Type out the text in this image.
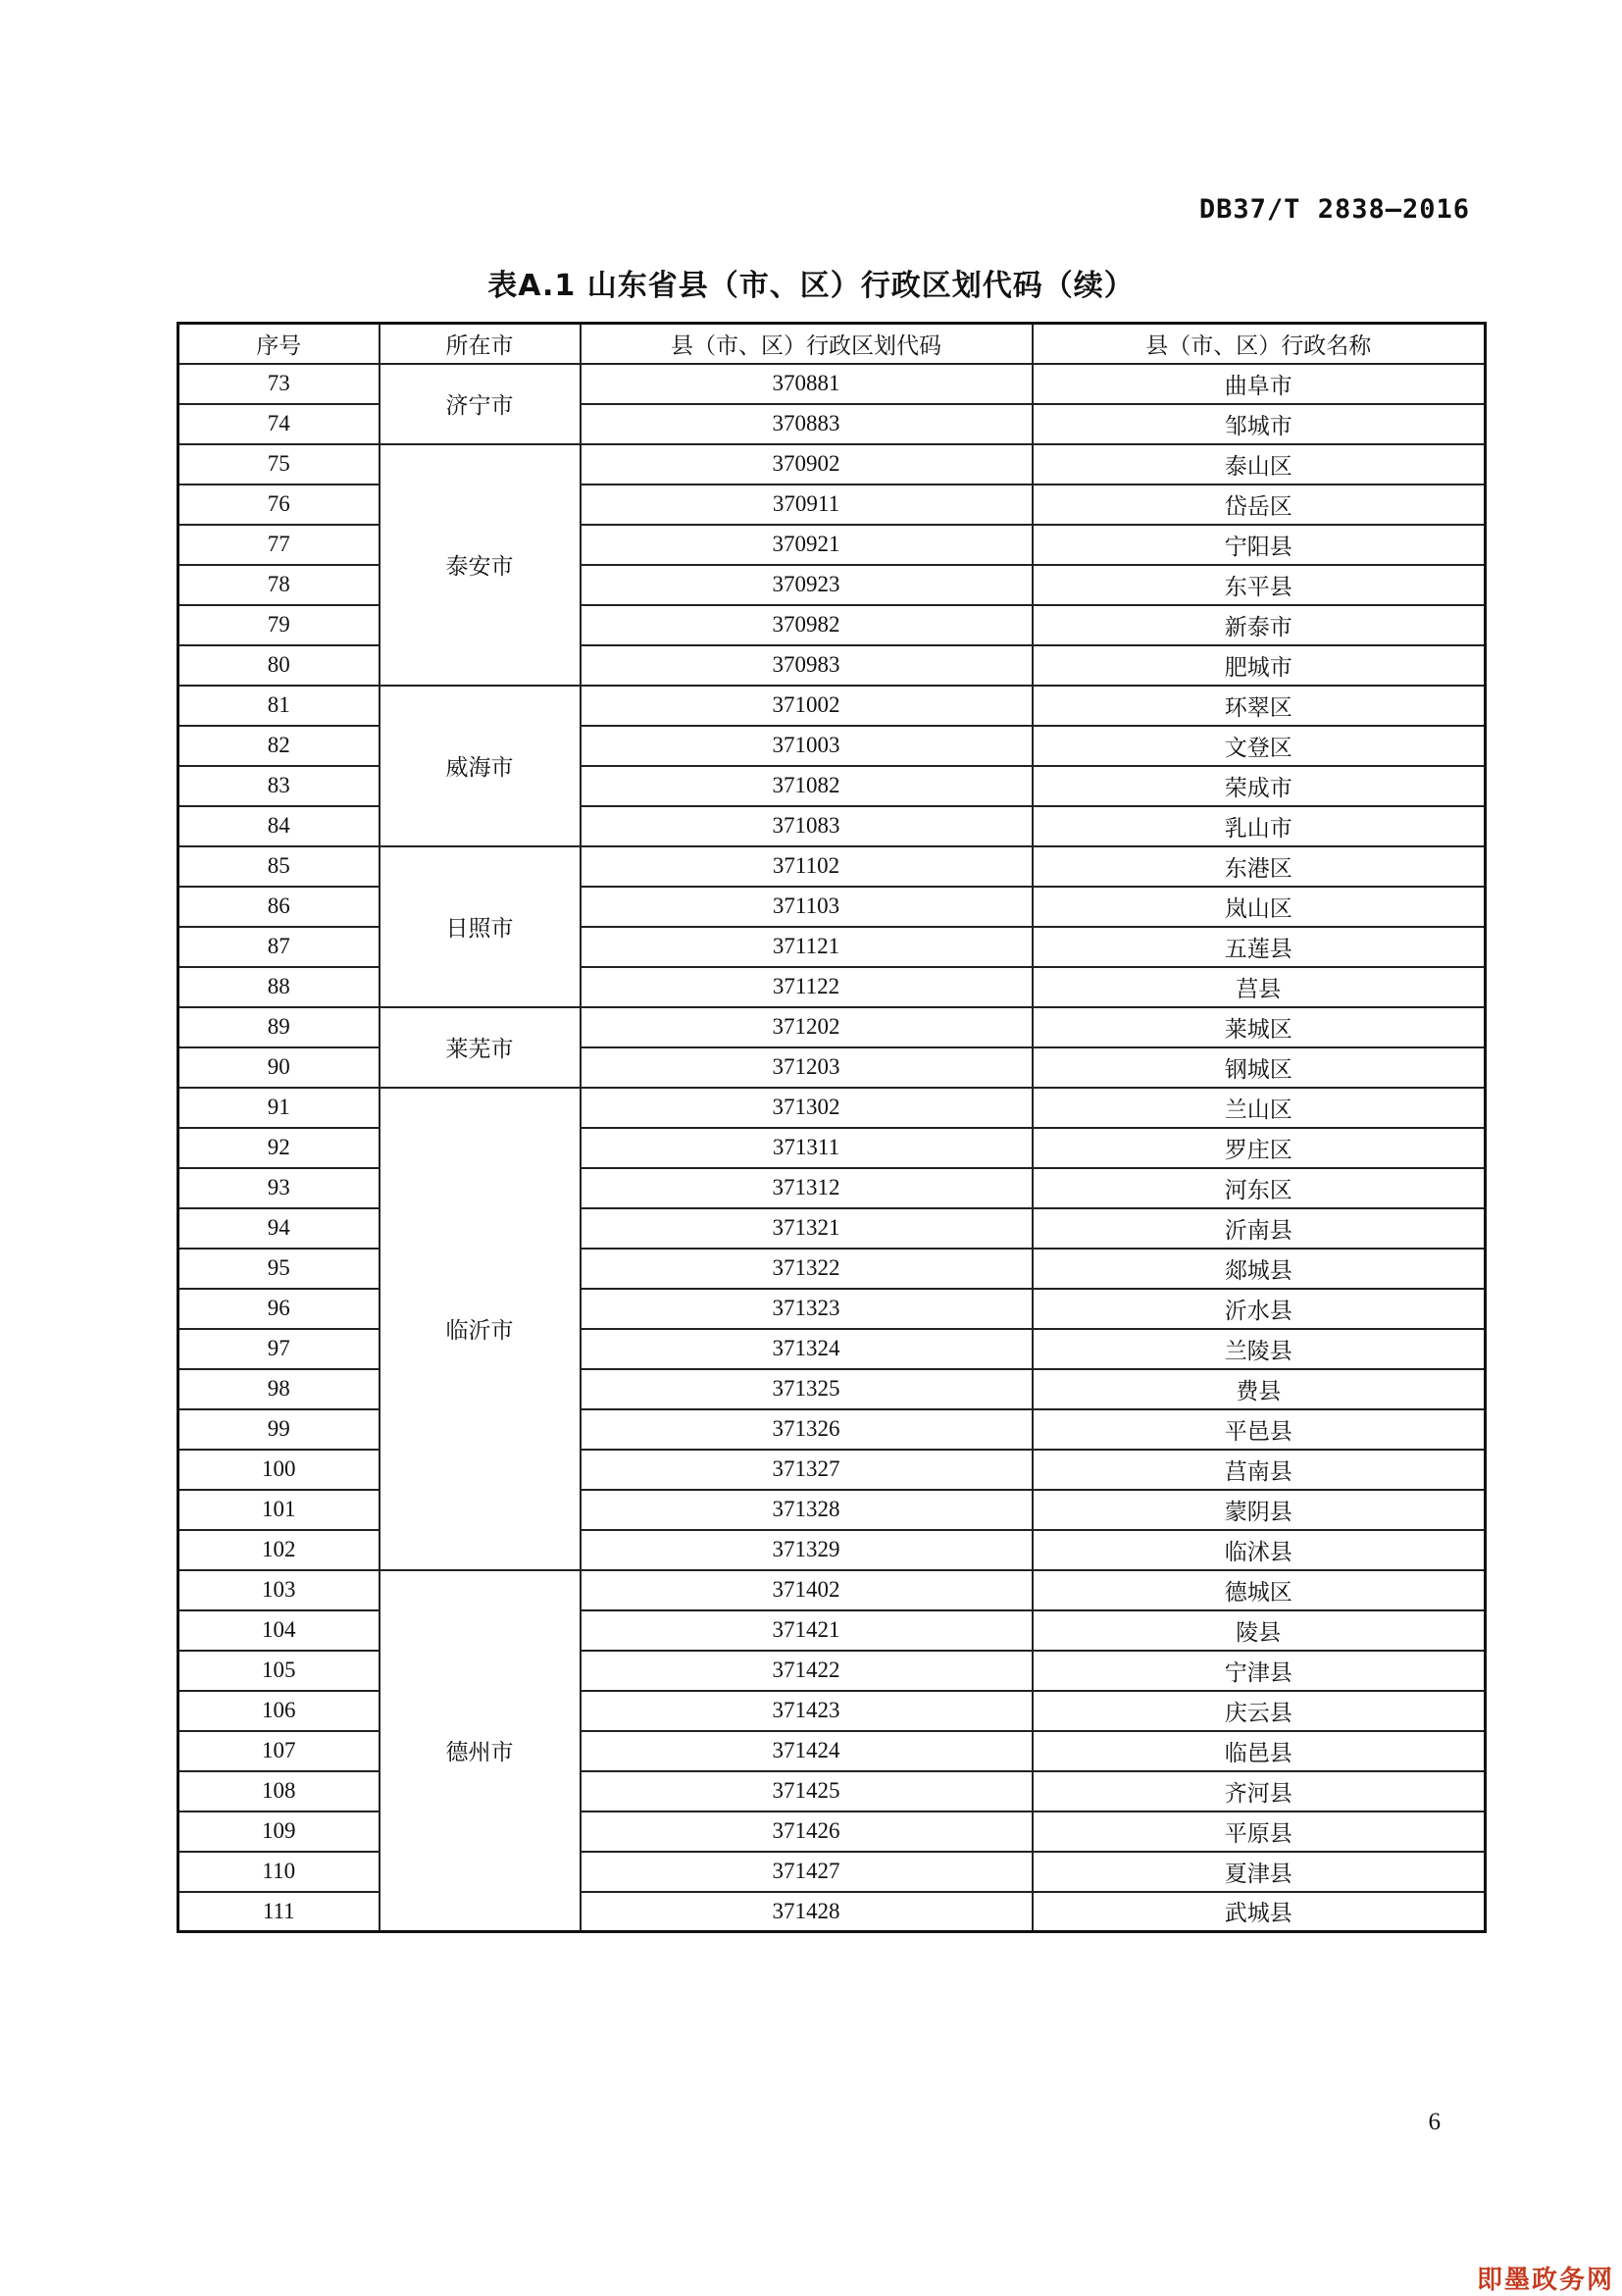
DB37/T 2838—2016
表A.1 山东省县（市、区）行政区划代码（续）
序号	所在市	县（市、区）行政区划代码	县（市、区）行政名称
73	济宁市	370881	曲阜市
74		370883	邹城市
75	泰安市	370902	泰山区
76		370911	岱岳区
77		370921	宁阳县
78		370923	东平县
79		370982	新泰市
80		370983	肥城市
81	威海市	371002	环翠区
82		371003	文登区
83		371082	荣成市
84		371083	乳山市
85	日照市	371102	东港区
86		371103	岚山区
87		371121	五莲县
88		371122	莒县
89	莱芜市	371202	莱城区
90		371203	钢城区
91	临沂市	371302	兰山区
92		371311	罗庄区
93		371312	河东区
94		371321	沂南县
95		371322	郯城县
96		371323	沂水县
97		371324	兰陵县
98		371325	费县
99		371326	平邑县
100		371327	莒南县
101		371328	蒙阴县
102		371329	临沭县
103	德州市	371402	德城区
104		371421	陵县
105		371422	宁津县
106		371423	庆云县
107		371424	临邑县
108		371425	齐河县
109		371426	平原县
110		371427	夏津县
111		371428	武城县
6
即墨政务网
